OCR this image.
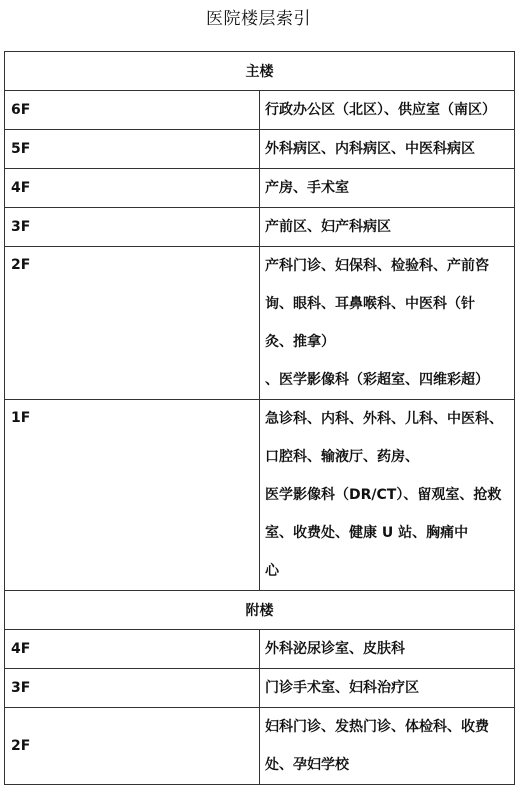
医院楼层索引
主楼	
6F	行政办公区（北区）、供应室（南区）

5F	外科病区、内科病区、中医科病区

4F	产房、手术室

3F	产前区、妇产科病区

2F	产科门诊、妇保科、检验科、产前咨询、眼科、耳鼻喉科、中医科（针
灸、推拿）
、医学影像科（彩超室、四维彩超）

1F	急诊科、内科、外科、儿科、中医科、口腔科、输液厅、药房、
医学影像科（DR/CT）、留观室、抢救室、收费处、健康 U 站、胸痛中
心

附楼	
4F	外科泌尿诊室、皮肤科

3F	门诊手术室、妇科治疗区

2F	妇科门诊、发热门诊、体检科、收费处、孕妇学校
